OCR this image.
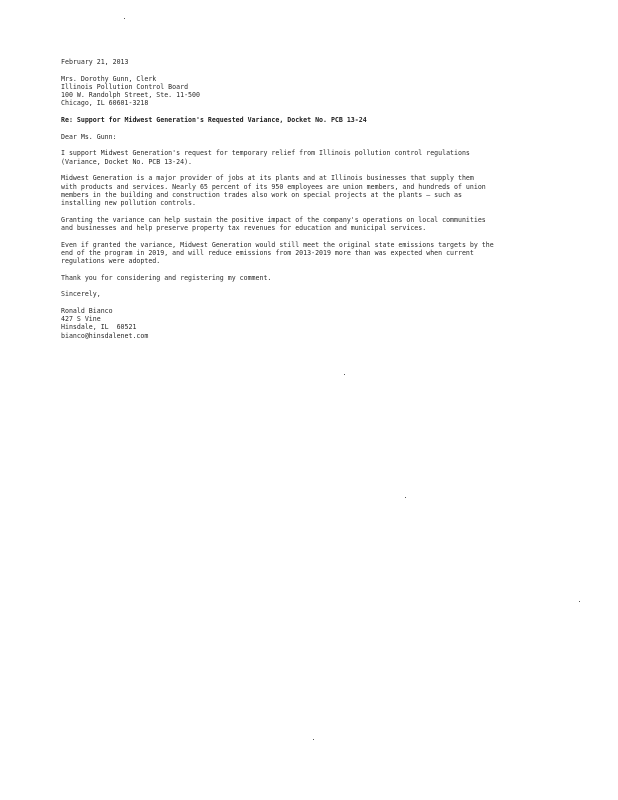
February 21, 2013
Mrs. Dorothy Gunn, Clerk
Illinois Pollution Control Board
100 W. Randolph Street, Ste. 11-500
Chicago, IL 60601-3218
Re: Support for Midwest Generation's Requested Variance, Docket No. PCB 13-24
Dear Ms. Gunn:
I support Midwest Generation's request for temporary relief from Illinois pollution control regulations
(Variance, Docket No. PCB 13-24).
Midwest Generation is a major provider of jobs at its plants and at Illinois businesses that supply them
with products and services. Nearly 65 percent of its 950 employees are union members, and hundreds of union
members in the building and construction trades also work on special projects at the plants — such as
installing new pollution controls.
Granting the variance can help sustain the positive impact of the company's operations on local communities
and businesses and help preserve property tax revenues for education and municipal services.
Even if granted the variance, Midwest Generation would still meet the original state emissions targets by the
end of the program in 2019, and will reduce emissions from 2013-2019 more than was expected when current
regulations were adopted.
Thank you for considering and registering my comment.
Sincerely,
Ronald Bianco
427 S Vine
Hinsdale, IL  60521
bianco@hinsdalenet.com
